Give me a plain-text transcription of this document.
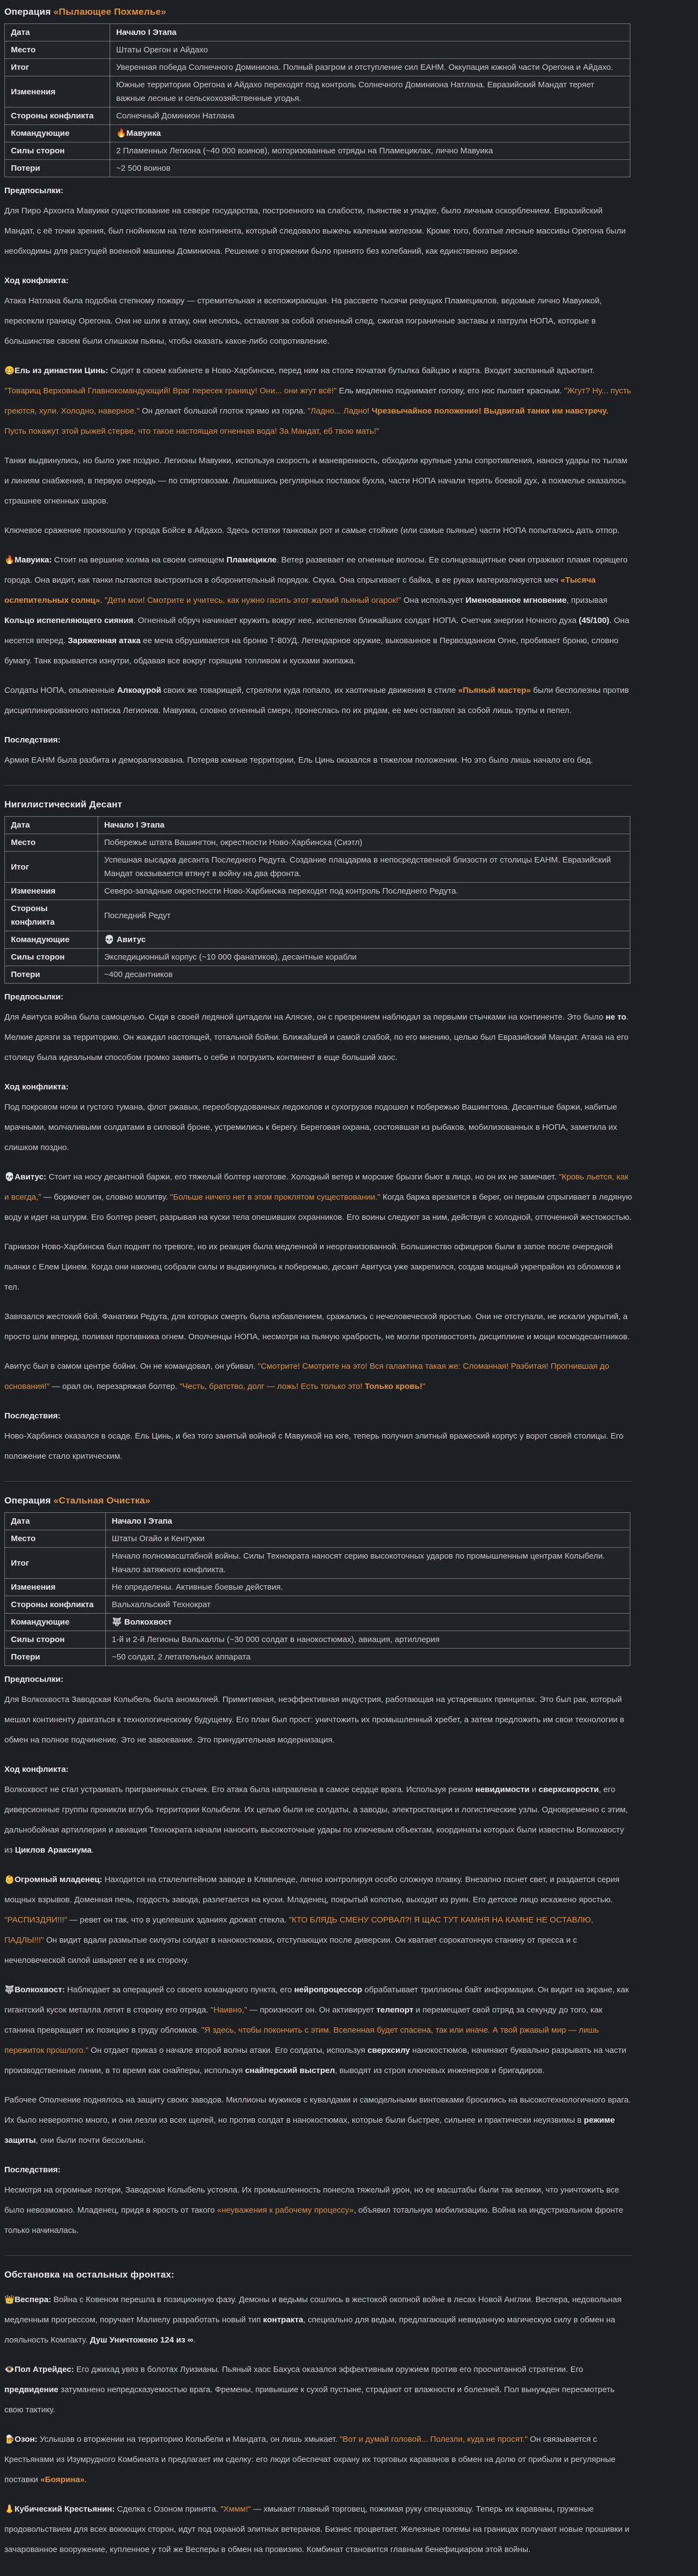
Операция «Пылающее Похмелье»
Дата	Начало I Этапа
Место	Штаты Орегон и Айдахо
Итог	Уверенная победа Солнечного Доминиона. Полный разгром и отступление сил ЕАНМ. Оккупация южной части Орегона и Айдахо.
Изменения	Южные территории Орегона и Айдахо переходят под контроль Солнечного Доминиона Натлана. Евразийский Мандат теряет важные лесные и сельскохозяйственные угодья.
Стороны конфликта	Солнечный Доминион Натлана
Командующие	🔥Мавуика
Силы сторон	2 Пламенных Легиона (~40 000 воинов), моторизованные отряды на Пламециклах, лично Мавуика
Потери	~2 500 воинов

Предпосылки:

Для Пиро Архонта Мавуики существование на севере государства, построенного на слабости, пьянстве и упадке, было личным оскорблением. Евразийский Мандат, с её точки зрения, был гнойником на теле континента, который следовало выжечь каленым железом. Кроме того, богатые лесные массивы Орегона были необходимы для растущей военной машины Доминиона. Решение о вторжении было принято без колебаний, как единственно верное.

Ход конфликта:

Атака Натлана была подобна степному пожару — стремительная и всепожирающая. На рассвете тысячи ревущих Пламециклов, ведомые лично Мавуикой, пересекли границу Орегона. Они не шли в атаку, они неслись, оставляя за собой огненный след, сжигая пограничные заставы и патрули НОПА, которые в большинстве своем были слишком пьяны, чтобы оказать какое-либо сопротивление.

🥴Ель из династии Цинь: Сидит в своем кабинете в Ново-Харбинске, перед ним на столе початая бутылка байцзю и карта. Входит заспанный адъютант. "Товарищ Верховный Главнокомандующий! Враг пересек границу! Они... они жгут всё!" Ель медленно поднимает голову, его нос пылает красным. "Жгут? Ну... пусть греются, хули. Холодно, наверное." Он делает большой глоток прямо из горла. "Ладно... Ладно! Чрезвычайное положение! Выдвигай танки им навстречу. Пусть покажут этой рыжей стерве, что такое настоящая огненная вода! За Мандат, еб твою мать!"

Танки выдвинулись, но было уже поздно. Легионы Мавуики, используя скорость и маневренность, обходили крупные узлы сопротивления, нанося удары по тылам и линиям снабжения, в первую очередь — по спиртовозам. Лишившись регулярных поставок бухла, части НОПА начали терять боевой дух, а похмелье оказалось страшнее огненных шаров.

Ключевое сражение произошло у города Бойсе в Айдахо. Здесь остатки танковых рот и самые стойкие (или самые пьяные) части НОПА попытались дать отпор.

🔥Мавуика: Стоит на вершине холма на своем сияющем Пламецикле. Ветер развевает ее огненные волосы. Ее солнцезащитные очки отражают пламя горящего города. Она видит, как танки пытаются выстроиться в оборонительный порядок. Скука. Она спрыгивает с байка, в ее руках материализуется меч «Тысяча ослепительных солнц». "Дети мои! Смотрите и учитесь, как нужно гасить этот жалкий пьяный огарок!" Она использует Именованное мгновение, призывая Кольцо испепеляющего сияния. Огненный обруч начинает кружить вокруг нее, испепеляя ближайших солдат НОПА. Счетчик энергии Ночного духа (45/100). Она несется вперед. Заряженная атака ее меча обрушивается на броню Т-80УД. Легендарное оружие, выкованное в Первозданном Огне, пробивает броню, словно бумагу. Танк взрывается изнутри, обдавая все вокруг горящим топливом и кусками экипажа.

Солдаты НОПА, опьяненные Алкоаурой своих же товарищей, стреляли куда попало, их хаотичные движения в стиле «Пьяный мастер» были бесполезны против дисциплинированного натиска Легионов. Мавуика, словно огненный смерч, пронеслась по их рядам, ее меч оставлял за собой лишь трупы и пепел.

Последствия:

Армия ЕАНМ была разбита и деморализована. Потеряв южные территории, Ель Цинь оказался в тяжелом положении. Но это было лишь начало его бед.

Нигилистический Десант
Дата	Начало I Этапа
Место	Побережье штата Вашингтон, окрестности Ново-Харбинска (Сиэтл)
Итог	Успешная высадка десанта Последнего Редута. Создание плацдарма в непосредственной близости от столицы ЕАНМ. Евразийский Мандат оказывается втянут в войну на два фронта.
Изменения	Северо-западные окрестности Ново-Харбинска переходят под контроль Последнего Редута.
Стороны конфликта	Последний Редут
Командующие	💀 Авитус
Силы сторон	Экспедиционный корпус (~10 000 фанатиков), десантные корабли
Потери	~400 десантников

Предпосылки:

Для Авитуса война была самоцелью. Сидя в своей ледяной цитадели на Аляске, он с презрением наблюдал за первыми стычками на континенте. Это было не то. Мелкие дрязги за территорию. Он жаждал настоящей, тотальной бойни. Ближайшей и самой слабой, по его мнению, целью был Евразийский Мандат. Атака на его столицу была идеальным способом громко заявить о себе и погрузить континент в еще больший хаос.

Ход конфликта:

Под покровом ночи и густого тумана, флот ржавых, переоборудованных ледоколов и сухогрузов подошел к побережью Вашингтона. Десантные баржи, набитые мрачными, молчаливыми солдатами в силовой броне, устремились к берегу. Береговая охрана, состоявшая из рыбаков, мобилизованных в НОПА, заметила их слишком поздно.

💀Авитус: Стоит на носу десантной баржи, его тяжелый болтер наготове. Холодный ветер и морские брызги бьют в лицо, но он их не замечает. "Кровь льется, как и всегда," — бормочет он, словно молитву. "Больше ничего нет в этом проклятом существовании." Когда баржа врезается в берег, он первым спрыгивает в ледяную воду и идет на штурм. Его болтер ревет, разрывая на куски тела опешивших охранников. Его воины следуют за ним, действуя с холодной, отточенной жестокостью.

Гарнизон Ново-Харбинска был поднят по тревоге, но их реакция была медленной и неорганизованной. Большинство офицеров были в запое после очередной пьянки с Елем Цинем. Когда они наконец собрали силы и выдвинулись к побережью, десант Авитуса уже закрепился, создав мощный укрепрайон из обломков и тел.

Завязался жестокий бой. Фанатики Редута, для которых смерть была избавлением, сражались с нечеловеческой яростью. Они не отступали, не искали укрытий, а просто шли вперед, поливая противника огнем. Ополченцы НОПА, несмотря на пьяную храбрость, не могли противостоять дисциплине и мощи космодесантников.

Авитус был в самом центре бойни. Он не командовал, он убивал. "Смотрите! Смотрите на это! Вся галактика такая же: Сломанная! Разбитая! Прогнившая до основания!" — орал он, перезаряжая болтер. "Честь, братство, долг — ложь! Есть только это! Только кровь!"

Последствия:

Ново-Харбинск оказался в осаде. Ель Цинь, и без того занятый войной с Мавуикой на юге, теперь получил элитный вражеский корпус у ворот своей столицы. Его положение стало критическим.

Операция «Стальная Очистка»
Дата	Начало I Этапа
Место	Штаты Огайо и Кентукки
Итог	Начало полномасштабной войны. Силы Технократа наносят серию высокоточных ударов по промышленным центрам Колыбели. Начало затяжного конфликта.
Изменения	Не определены. Активные боевые действия.
Стороны конфликта	Вальхалльский Технократ
Командующие	🐺 Волкохвост
Силы сторон	1-й и 2-й Легионы Вальхаллы (~30 000 солдат в нанокостюмах), авиация, артиллерия
Потери	~50 солдат, 2 летательных аппарата

Предпосылки:

Для Волкохвоста Заводская Колыбель была аномалией. Примитивная, неэффективная индустрия, работающая на устаревших принципах. Это был рак, который мешал континенту двигаться к технологическому будущему. Его план был прост: уничтожить их промышленный хребет, а затем предложить им свои технологии в обмен на полное подчинение. Это не завоевание. Это принудительная модернизация.

Ход конфликта:

Волкохвост не стал устраивать приграничных стычек. Его атака была направлена в самое сердце врага. Используя режим невидимости и сверхскорости, его диверсионные группы проникли вглубь территории Колыбели. Их целью были не солдаты, а заводы, электростанции и логистические узлы. Одновременно с этим, дальнобойная артиллерия и авиация Технократа начали наносить высокоточные удары по ключевым объектам, координаты которых были известны Волкохвосту из Циклов Араксиума.

👶Огромный младенец: Находится на сталелитейном заводе в Кливленде, лично контролируя особо сложную плавку. Внезапно гаснет свет, и раздается серия мощных взрывов. Доменная печь, гордость завода, разлетается на куски. Младенец, покрытый копотью, выходит из руин. Его детское лицо искажено яростью. "РАСПИЗДЯИ!!!" — ревет он так, что в уцелевших зданиях дрожат стекла. "КТО БЛЯДЬ СМЕНУ СОРВАЛ?! Я ЩАС ТУТ КАМНЯ НА КАМНЕ НЕ ОСТАВЛЮ, ПАДЛЫ!!!" Он видит вдали размытые силуэты солдат в нанокостюмах, отступающих после диверсии. Он хватает сорокатонную станину от пресса и с нечеловеческой силой швыряет ее в их сторону.

🐺Волкохвост: Наблюдает за операцией со своего командного пункта, его нейропроцессор обрабатывает триллионы байт информации. Он видит на экране, как гигантский кусок металла летит в сторону его отряда. "Наивно," — произносит он. Он активирует телепорт и перемещает свой отряд за секунду до того, как станина превращает их позицию в груду обломков. "Я здесь, чтобы покончить с этим. Вселенная будет спасена, так или иначе. А твой ржавый мир — лишь пережиток прошлого." Он отдает приказ о начале второй волны атаки. Его солдаты, используя сверхсилу нанокостюмов, начинают буквально разрывать на части производственные линии, в то время как снайперы, используя снайперский выстрел, выводят из строя ключевых инженеров и бригадиров.

Рабочее Ополчение поднялось на защиту своих заводов. Миллионы мужиков с кувалдами и самодельными винтовками бросились на высокотехнологичного врага. Их было невероятно много, и они лезли из всех щелей, но против солдат в нанокостюмах, которые были быстрее, сильнее и практически неуязвимы в режиме защиты, они были почти бессильны.

Последствия:

Несмотря на огромные потери, Заводская Колыбель устояла. Их промышленность понесла тяжелый урон, но ее масштабы были так велики, что уничтожить все было невозможно. Младенец, придя в ярость от такого «неуважения к рабочему процессу», объявил тотальную мобилизацию. Война на индустриальном фронте только начиналась.

Обстановка на остальных фронтах:

👑Веспера: Война с Ковеном перешла в позиционную фазу. Демоны и ведьмы сошлись в жестокой окопной войне в лесах Новой Англии. Веспера, недовольная медленным прогрессом, поручает Малиелу разработать новый тип контракта, специально для ведьм, предлагающий невиданную магическую силу в обмен на лояльность Компакту. Душ Уничтожено 124 из ∞.

👁️Пол Атрейдес: Его джихад увяз в болотах Луизианы. Пьяный хаос Бахуса оказался эффективным оружием против его просчитанной стратегии. Его предвидение затуманено непредсказуемостью врага. Фремены, привыкшие к сухой пустыне, страдают от влажности и болезней. Пол вынужден пересмотреть свою тактику.

🍺Озон: Услышав о вторжении на территорию Колыбели и Мандата, он лишь хмыкает. "Вот и думай головой... Полезли, куда не просят." Он связывается с Крестьянами из Изумрудного Комбината и предлагает им сделку: его люди обеспечат охрану их торговых караванов в обмен на долю от прибыли и регулярные поставки «Боярина».

👃Кубический Крестьянин: Сделка с Озоном принята. "Хммм!" — хмыкает главный торговец, пожимая руку спецназовцу. Теперь их караваны, груженые продовольствием для всех воюющих сторон, идут под охраной элитных ветеранов. Бизнес процветает. Железные големы на границах получают новые прошивки и зачарованное вооружение, купленное у той же Весперы в обмен на провизию. Комбинат становится главным бенефициаром этой войны.
